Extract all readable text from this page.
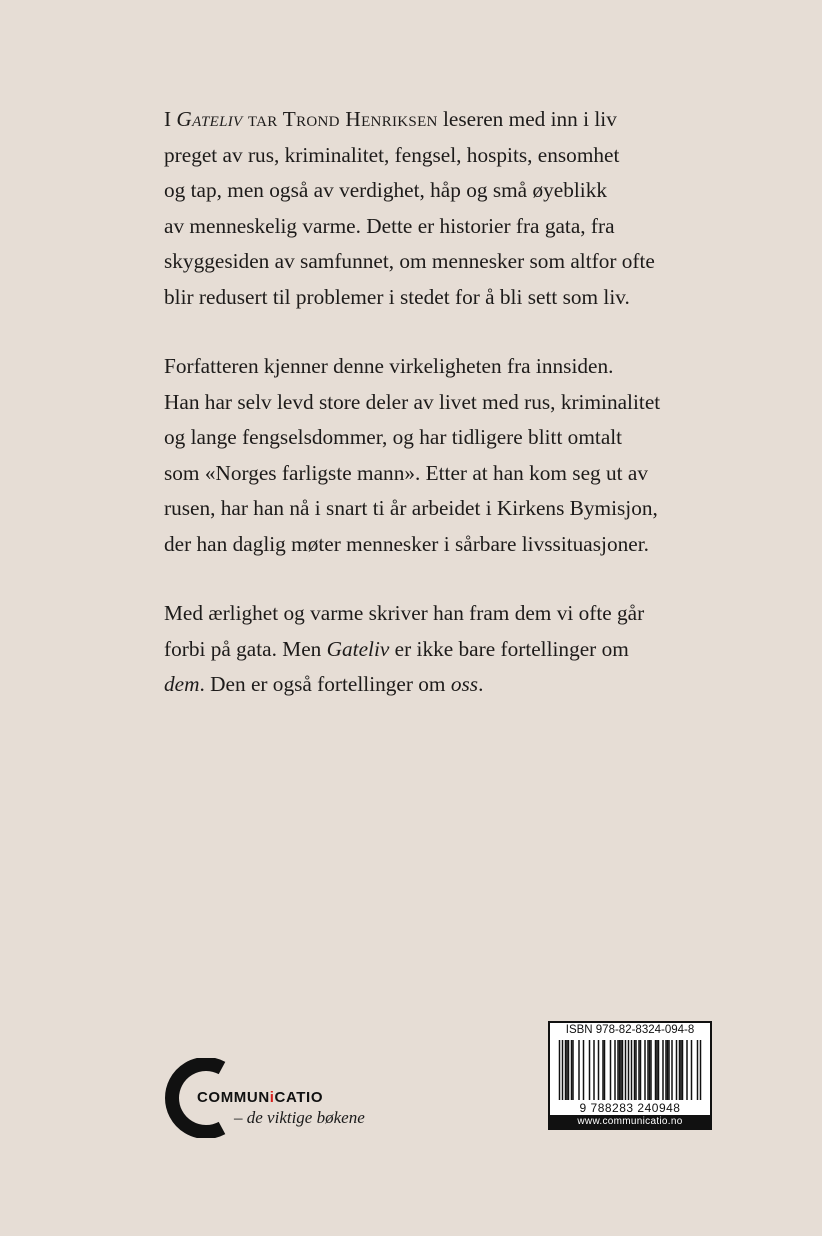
I Gateliv tar Trond Henriksen leseren med inn i liv
preget av rus, kriminalitet, fengsel, hospits, ensomhet
og tap, men også av verdighet, håp og små øyeblikk
av menneskelig varme. Dette er historier fra gata, fra
skyggesiden av samfunnet, om mennesker som altfor ofte
blir redusert til problemer i stedet for å bli sett som liv.

Forfatteren kjenner denne virkeligheten fra innsiden.
Han har selv levd store deler av livet med rus, kriminalitet
og lange fengselsdommer, og har tidligere blitt omtalt
som «Norges farligste mann». Etter at han kom seg ut av
rusen, har han nå i snart ti år arbeidet i Kirkens Bymisjon,
der han daglig møter mennesker i sårbare livssituasjoner.

Med ærlighet og varme skriver han fram dem vi ofte går
forbi på gata. Men Gateliv er ikke bare fortellinger om
dem. Den er også fortellinger om oss.

COMMUNiCATIO
– de viktige bøkene
ISBN 978-82-8324-094-8
9 788283 240948
www.communicatio.no
